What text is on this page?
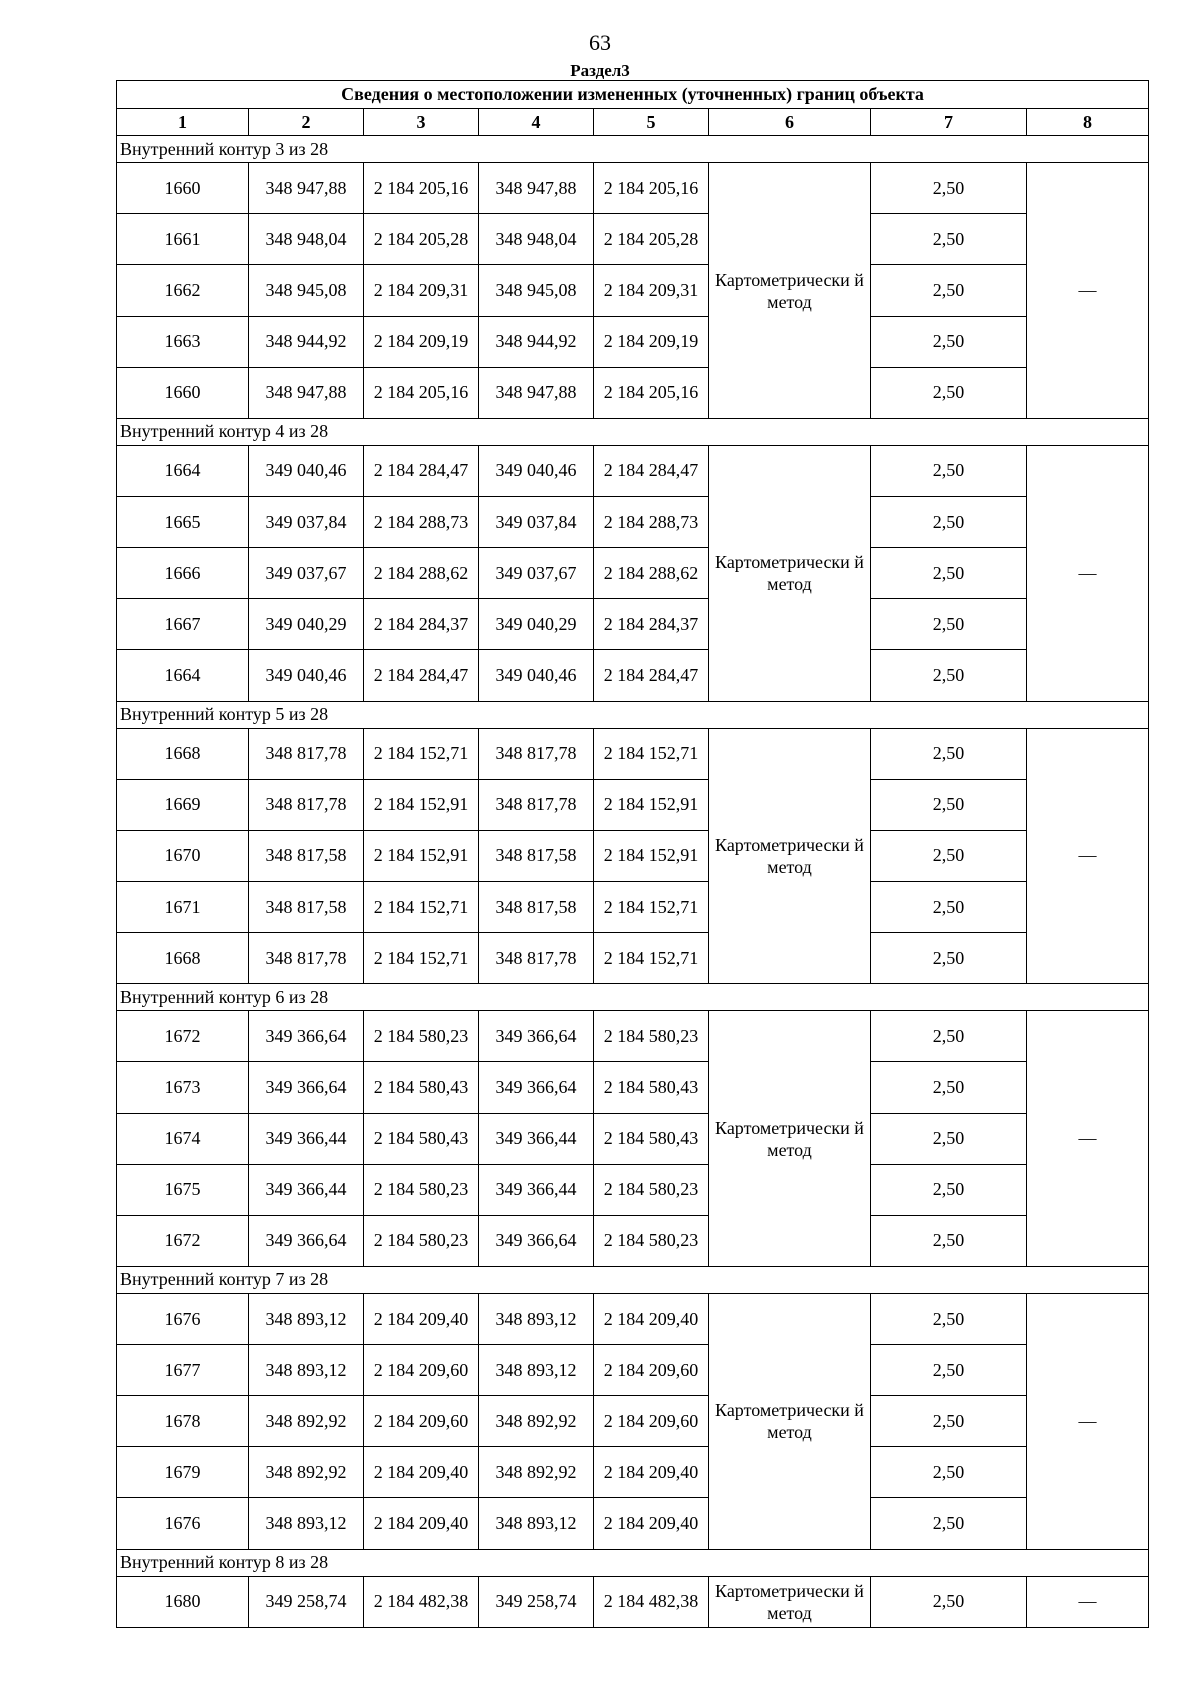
63
Раздел3
Сведения о местоположении измененных (уточненных) границ объекта							
1	2	3	4	5	6	7	8
Внутренний контур 3 из 28							
1660	348 947,88	2 184 205,16	348 947,88	2 184 205,16	Картометрически й метод	2,50	—
1661	348 948,04	2 184 205,28	348 948,04	2 184 205,28		2,50	
1662	348 945,08	2 184 209,31	348 945,08	2 184 209,31		2,50	
1663	348 944,92	2 184 209,19	348 944,92	2 184 209,19		2,50	
1660	348 947,88	2 184 205,16	348 947,88	2 184 205,16		2,50	
Внутренний контур 4 из 28							
1664	349 040,46	2 184 284,47	349 040,46	2 184 284,47	Картометрически й метод	2,50	—
1665	349 037,84	2 184 288,73	349 037,84	2 184 288,73		2,50	
1666	349 037,67	2 184 288,62	349 037,67	2 184 288,62		2,50	
1667	349 040,29	2 184 284,37	349 040,29	2 184 284,37		2,50	
1664	349 040,46	2 184 284,47	349 040,46	2 184 284,47		2,50	
Внутренний контур 5 из 28							
1668	348 817,78	2 184 152,71	348 817,78	2 184 152,71	Картометрически й метод	2,50	—
1669	348 817,78	2 184 152,91	348 817,78	2 184 152,91		2,50	
1670	348 817,58	2 184 152,91	348 817,58	2 184 152,91		2,50	
1671	348 817,58	2 184 152,71	348 817,58	2 184 152,71		2,50	
1668	348 817,78	2 184 152,71	348 817,78	2 184 152,71		2,50	
Внутренний контур 6 из 28							
1672	349 366,64	2 184 580,23	349 366,64	2 184 580,23	Картометрически й метод	2,50	—
1673	349 366,64	2 184 580,43	349 366,64	2 184 580,43		2,50	
1674	349 366,44	2 184 580,43	349 366,44	2 184 580,43		2,50	
1675	349 366,44	2 184 580,23	349 366,44	2 184 580,23		2,50	
1672	349 366,64	2 184 580,23	349 366,64	2 184 580,23		2,50	
Внутренний контур 7 из 28							
1676	348 893,12	2 184 209,40	348 893,12	2 184 209,40	Картометрически й метод	2,50	—
1677	348 893,12	2 184 209,60	348 893,12	2 184 209,60		2,50	
1678	348 892,92	2 184 209,60	348 892,92	2 184 209,60		2,50	
1679	348 892,92	2 184 209,40	348 892,92	2 184 209,40		2,50	
1676	348 893,12	2 184 209,40	348 893,12	2 184 209,40		2,50	
Внутренний контур 8 из 28							
1680	349 258,74	2 184 482,38	349 258,74	2 184 482,38	Картометрически й метод	2,50	—
